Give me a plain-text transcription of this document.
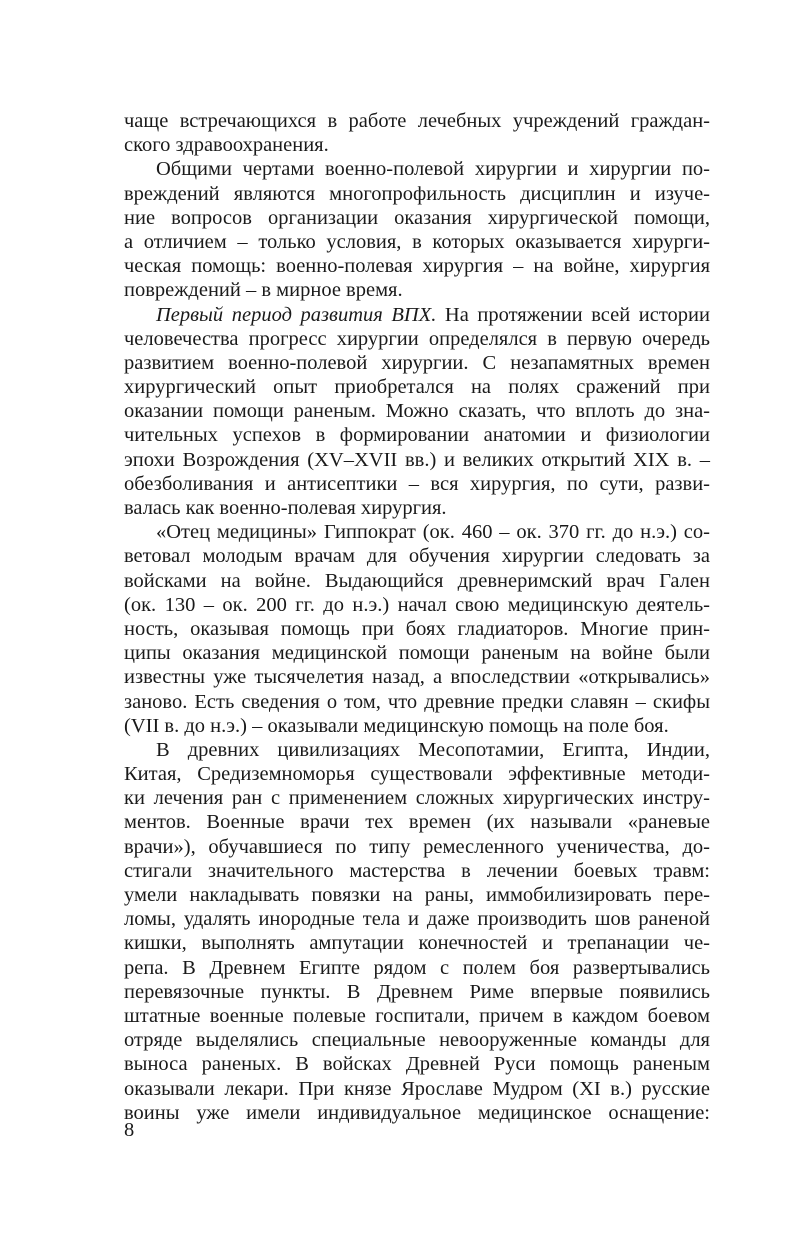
чаще встречающихся в работе лечебных учреждений граждан-
ского здравоохранения.
Общими чертами военно-полевой хирургии и хирургии по-
вреждений являются многопрофильность дисциплин и изуче-
ние вопросов организации оказания хирургической помощи,
а отличием – только условия, в которых оказывается хирурги-
ческая помощь: военно-полевая хирургия – на войне, хирургия
повреждений – в мирное время.
Первый период развития ВПХ. На протяжении всей истории
человечества прогресс хирургии определялся в первую очередь
развитием военно-полевой хирургии. С незапамятных времен
хирургический опыт приобретался на полях сражений при
оказании помощи раненым. Можно сказать, что вплоть до зна-
чительных успехов в формировании анатомии и физиологии
эпохи Возрождения (XV–XVII вв.) и великих открытий XIX в. –
обезболивания и антисептики – вся хирургия, по сути, разви-
валась как военно-полевая хирургия.
«Отец медицины» Гиппократ (ок. 460 – ок. 370 гг. до н.э.) со-
ветовал молодым врачам для обучения хирургии следовать за
войсками на войне. Выдающийся древнеримский врач Гален
(ок. 130 – ок. 200 гг. до н.э.) начал свою медицинскую деятель-
ность, оказывая помощь при боях гладиаторов. Многие прин-
ципы оказания медицинской помощи раненым на войне были
известны уже тысячелетия назад, а впоследствии «открывались»
заново. Есть сведения о том, что древние предки славян – скифы
(VII в. до н.э.) – оказывали медицинскую помощь на поле боя.
В древних цивилизациях Месопотамии, Египта, Индии,
Китая, Средиземноморья существовали эффективные методи-
ки лечения ран с применением сложных хирургических инстру-
ментов. Военные врачи тех времен (их называли «раневые
врачи»), обучавшиеся по типу ремесленного ученичества, до-
стигали значительного мастерства в лечении боевых травм:
умели накладывать повязки на раны, иммобилизировать пере-
ломы, удалять инородные тела и даже производить шов раненой
кишки, выполнять ампутации конечностей и трепанации че-
репа. В Древнем Египте рядом с полем боя развертывались
перевязочные пункты. В Древнем Риме впервые появились
штатные военные полевые госпитали, причем в каждом боевом
отряде выделялись специальные невооруженные команды для
выноса раненых. В войсках Древней Руси помощь раненым
оказывали лекари. При князе Ярославе Мудром (XI в.) русские
воины уже имели индивидуальное медицинское оснащение:
8
